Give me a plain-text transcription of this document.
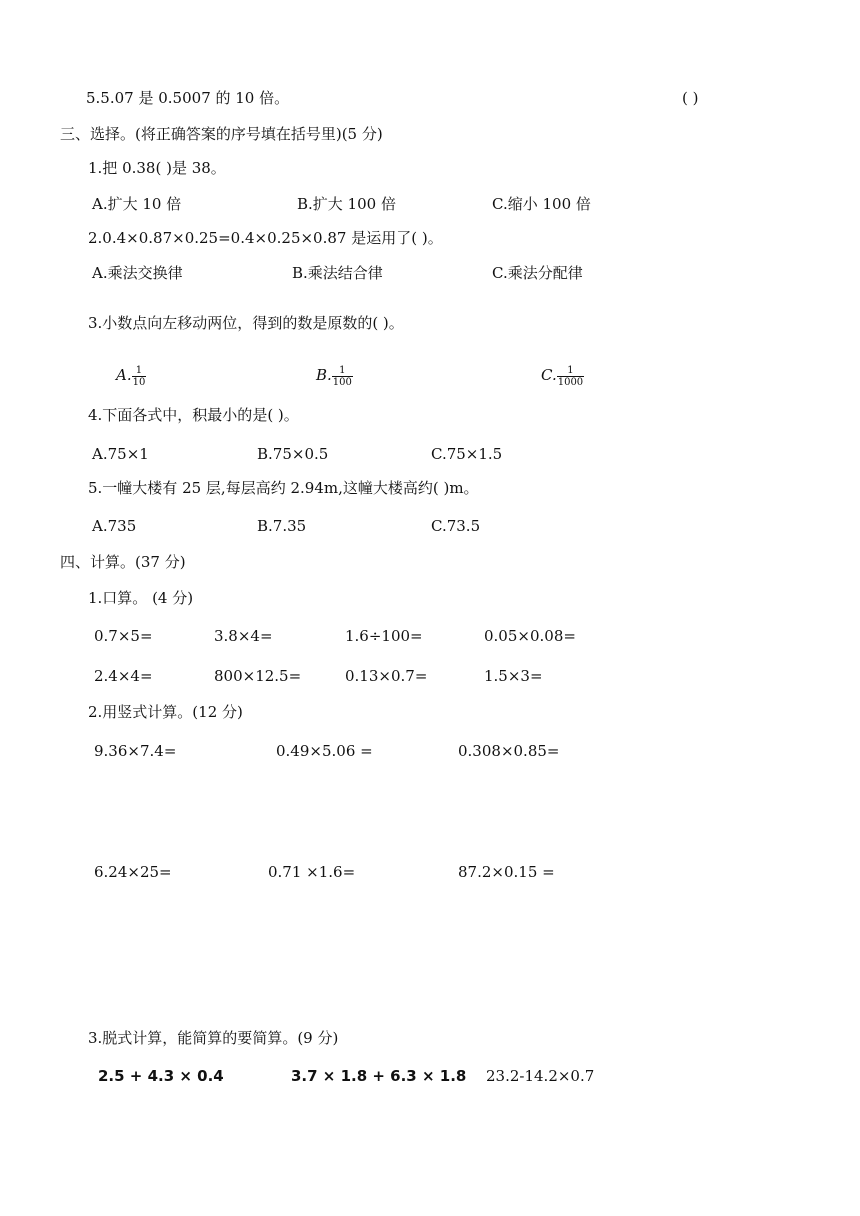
5.5.07 是 0.5007 的 10 倍。	( )
三、选择。(将正确答案的序号填在括号里)(5 分)
1.把 0.38( )是 38。
A.扩大 10 倍	B.扩大 100 倍	C.缩小 100 倍
2.0.4×0.87×0.25=0.4×0.25×0.87 是运用了( )。
A.乘法交换律	B.乘法结合律	C.乘法分配律
3.小数点向左移动两位，得到的数是原数的( )。
A. $\frac{1}{10}$	B. $\frac{1}{100}$	C. $\frac{1}{1000}$
4.下面各式中，积最小的是( )。
A.75×1	B.75×0.5	C.75×1.5
5.一幢大楼有 25 层,每层高约 2.94m,这幢大楼高约( )m。
A.735	B.7.35	C.73.5
四、计算。(37 分)
1.口算。 (4 分)
0.7×5=	3.8×4=	1.6÷100=	0.05×0.08=
2.4×4=	800×12.5=	0.13×0.7=	1.5×3=
2.用竖式计算。(12 分)
9.36×7.4=	0.49×5.06 =	0.308×0.85=
6.24×25=	0.71 ×1.6=	87.2×0.15 =
3.脱式计算，能简算的要简算。(9 分)
2.5 + 4.3 × 0.4	3.7 × 1.8 + 6.3 × 1.8 23.2-14.2×0.7
